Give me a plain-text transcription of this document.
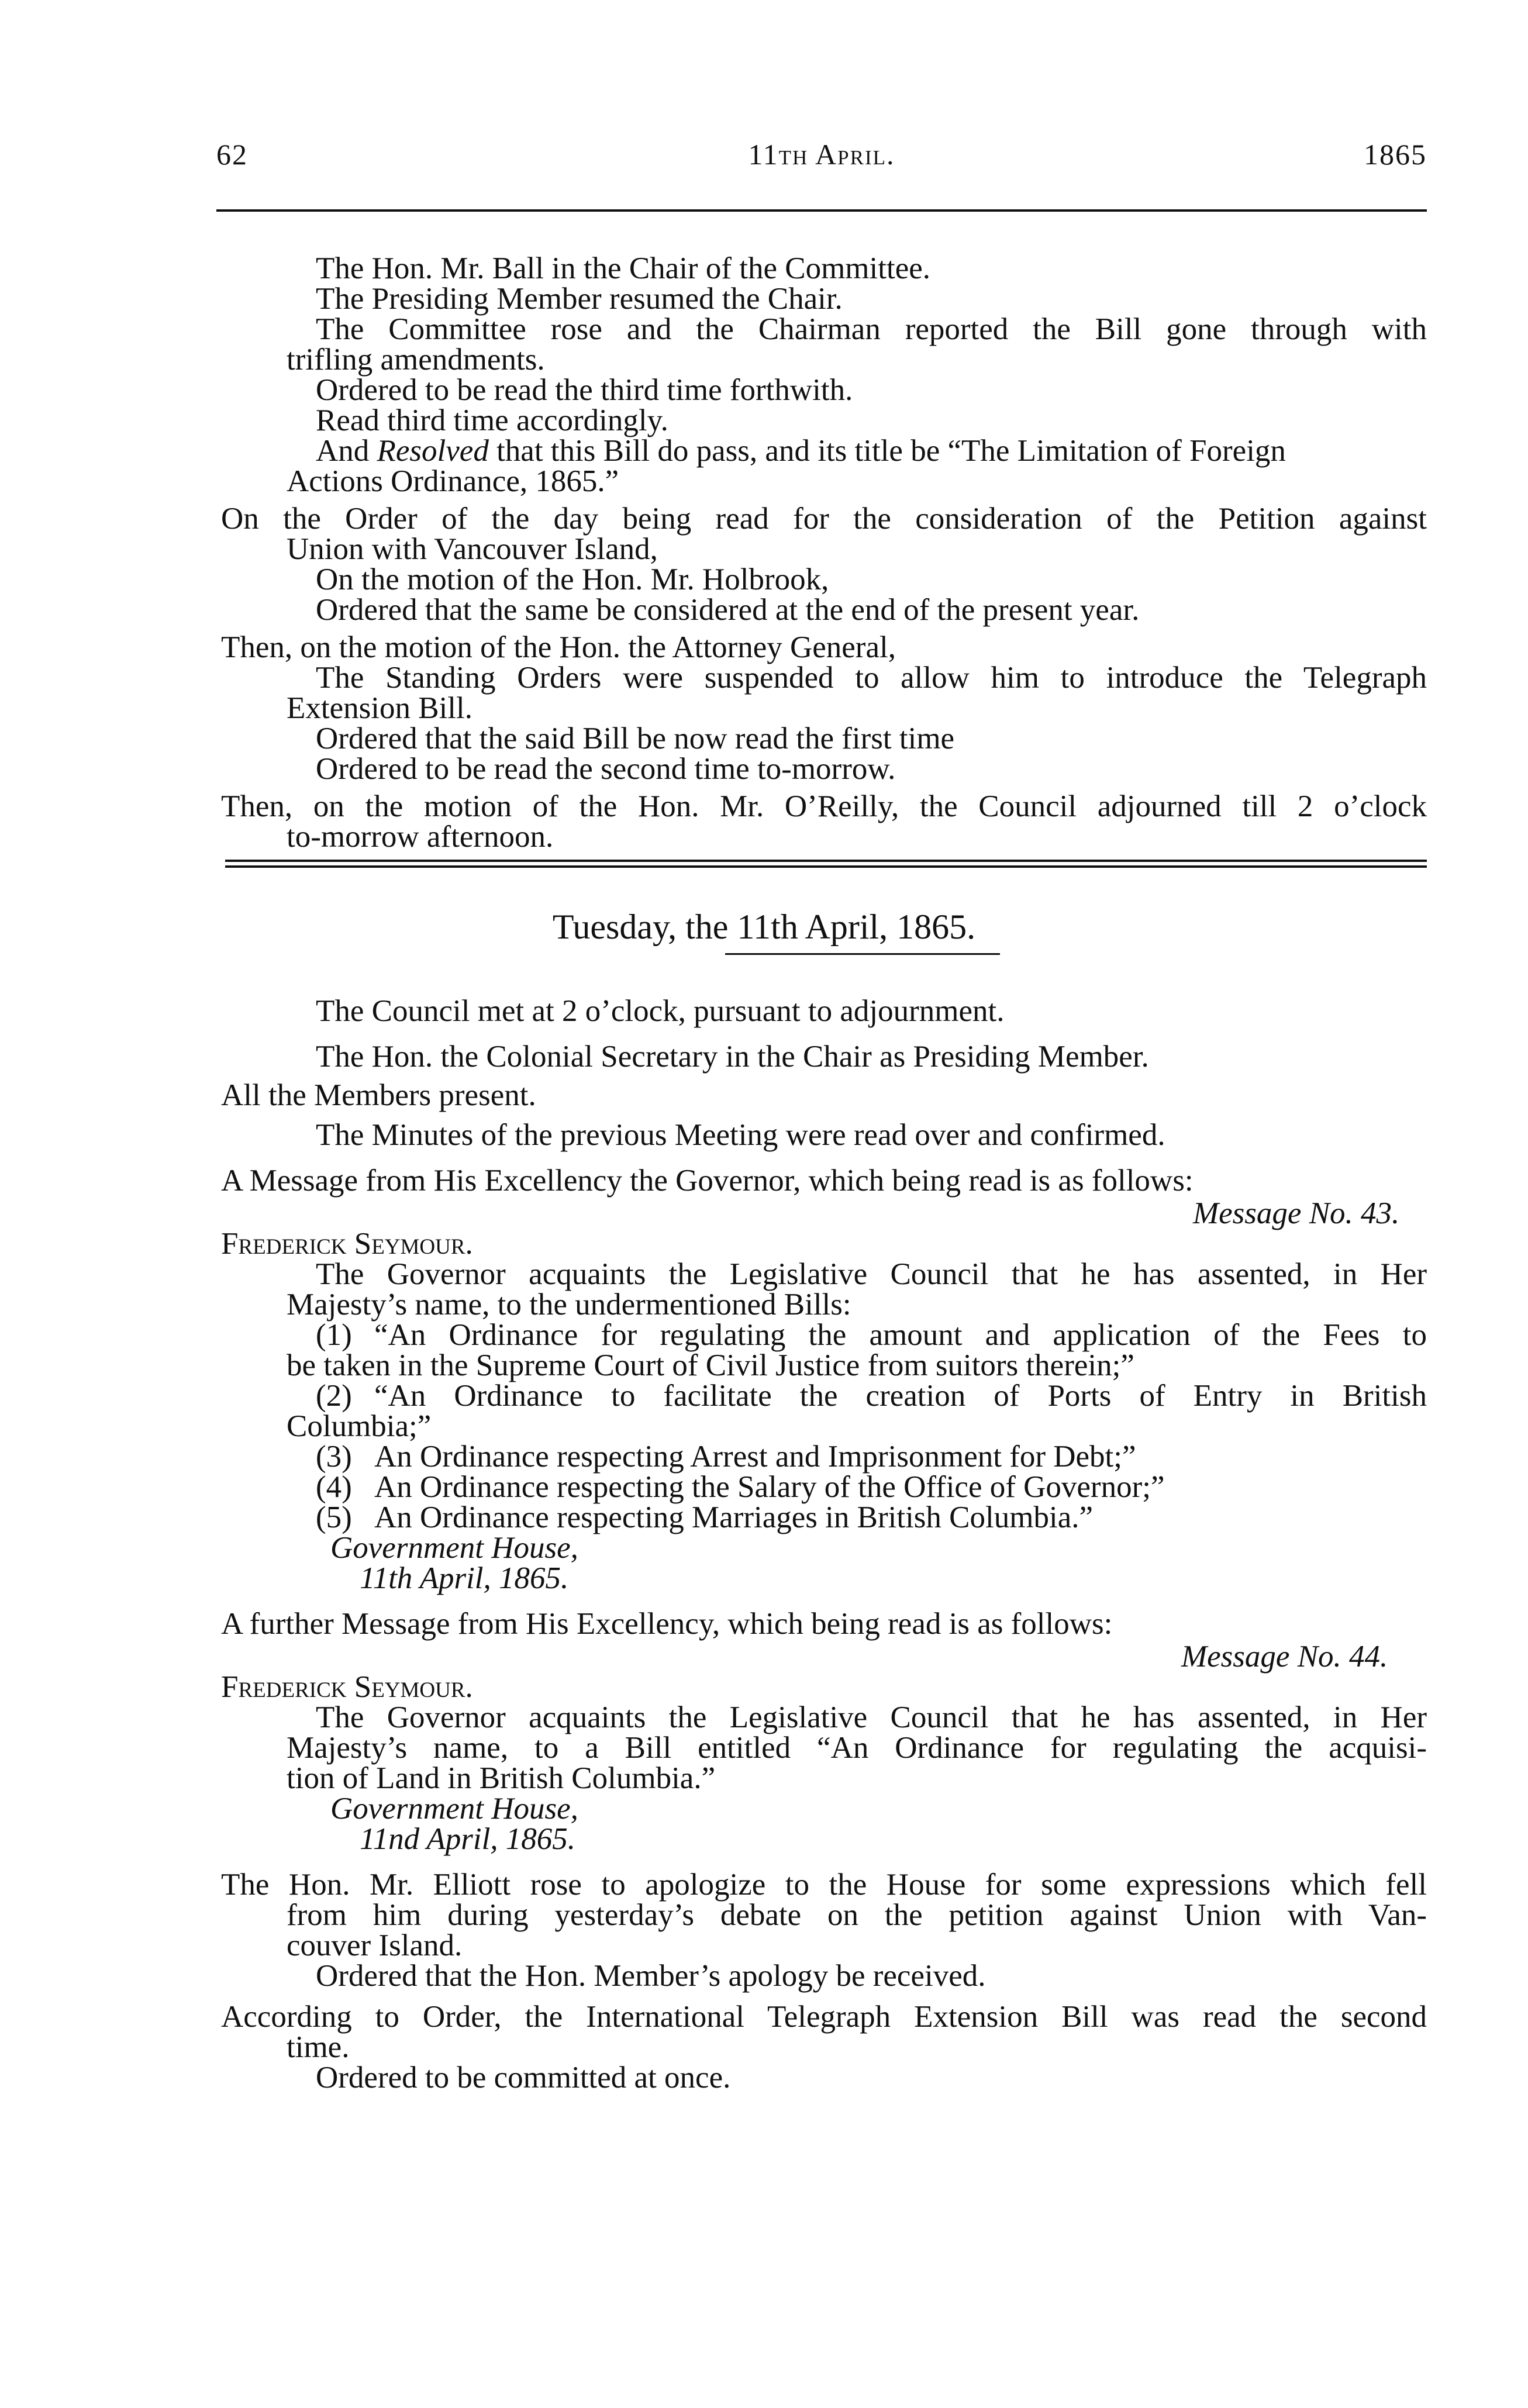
62	11th April.	1865
The Hon. Mr. Ball in the Chair of the Committee.
The Presiding Member resumed the Chair.
The Committee rose and the Chairman reported the Bill gone through with
trifling amendments.
Ordered to be read the third time forthwith.
Read third time accordingly.
And Resolved that this Bill do pass, and its title be “The Limitation of Foreign
Actions Ordinance, 1865.”
On the Order of the day being read for the consideration of the Petition against
Union with Vancouver Island,
On the motion of the Hon. Mr. Holbrook,
Ordered that the same be considered at the end of the present year.
Then, on the motion of the Hon. the Attorney General,
The Standing Orders were suspended to allow him to introduce the Telegraph
Extension Bill.
Ordered that the said Bill be now read the first time
Ordered to be read the second time to-morrow.
Then, on the motion of the Hon. Mr. O’Reilly, the Council adjourned till 2 o’clock
to-morrow afternoon.
Tuesday, the 11th April, 1865.
The Council met at 2 o’clock, pursuant to adjournment.
The Hon. the Colonial Secretary in the Chair as Presiding Member.
All the Members present.
The Minutes of the previous Meeting were read over and confirmed.
A Message from His Excellency the Governor, which being read is as follows:
Message No. 43.
Frederick Seymour.
The Governor acquaints the Legislative Council that he has assented, in Her
Majesty’s name, to the undermentioned Bills:
(1) “An Ordinance for regulating the amount and application of the Fees to
be taken in the Supreme Court of Civil Justice from suitors therein;”
(2) “An Ordinance to facilitate the creation of Ports of Entry in British
Columbia;”
(3) An Ordinance respecting Arrest and Imprisonment for Debt;”
(4) An Ordinance respecting the Salary of the Office of Governor;”
(5) An Ordinance respecting Marriages in British Columbia.”
Government House,
11th April, 1865.
A further Message from His Excellency, which being read is as follows:
Message No. 44.
Frederick Seymour.
The Governor acquaints the Legislative Council that he has assented, in Her
Majesty’s name, to a Bill entitled “An Ordinance for regulating the acquisi-
tion of Land in British Columbia.”
Government House,
11nd April, 1865.
The Hon. Mr. Elliott rose to apologize to the House for some expressions which fell
from him during yesterday’s debate on the petition against Union with Van-
couver Island.
Ordered that the Hon. Member’s apology be received.
According to Order, the International Telegraph Extension Bill was read the second
time.
Ordered to be committed at once.
